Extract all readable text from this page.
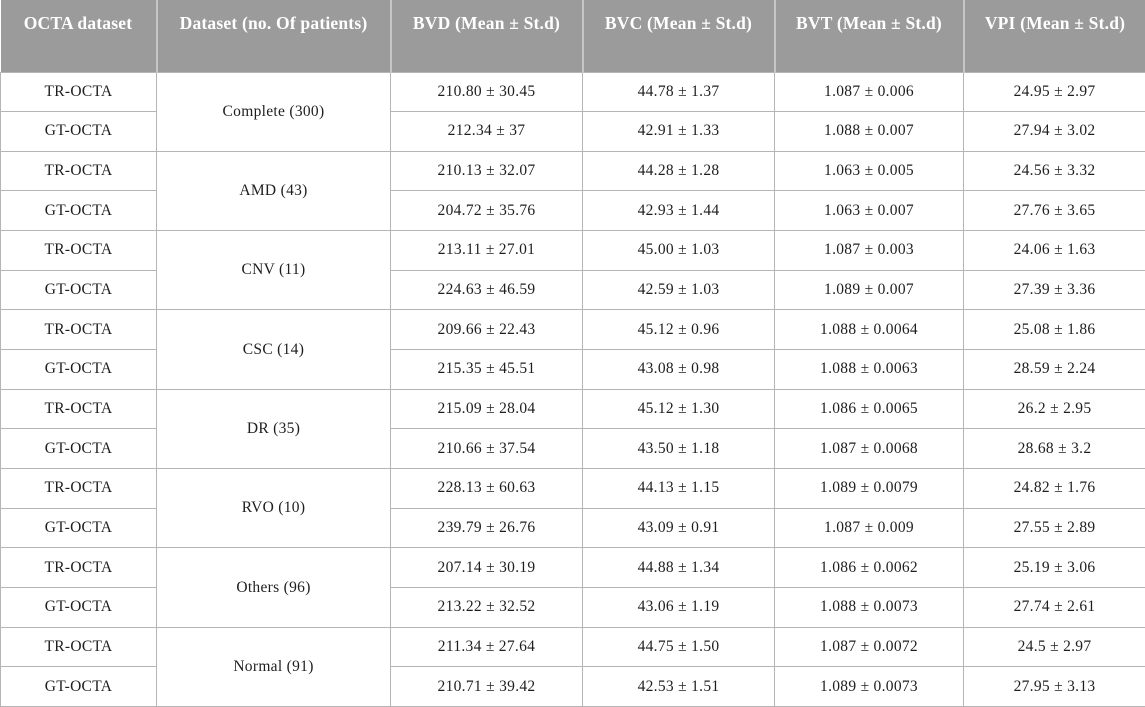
OCTA dataset	Dataset (no. Of patients)	BVD (Mean ± St.d)	BVC (Mean ± St.d)	BVT (Mean ± St.d)	VPI (Mean ± St.d)
TR-OCTA	Complete (300)	210.80 ± 30.45	44.78 ± 1.37	1.087 ± 0.006	24.95 ± 2.97
GT-OCTA		212.34 ± 37	42.91 ± 1.33	1.088 ± 0.007	27.94 ± 3.02
TR-OCTA	AMD (43)	210.13 ± 32.07	44.28 ± 1.28	1.063 ± 0.005	24.56 ± 3.32
GT-OCTA		204.72 ± 35.76	42.93 ± 1.44	1.063 ± 0.007	27.76 ± 3.65
TR-OCTA	CNV (11)	213.11 ± 27.01	45.00 ± 1.03	1.087 ± 0.003	24.06 ± 1.63
GT-OCTA		224.63 ± 46.59	42.59 ± 1.03	1.089 ± 0.007	27.39 ± 3.36
TR-OCTA	CSC (14)	209.66 ± 22.43	45.12 ± 0.96	1.088 ± 0.0064	25.08 ± 1.86
GT-OCTA		215.35 ± 45.51	43.08 ± 0.98	1.088 ± 0.0063	28.59 ± 2.24
TR-OCTA	DR (35)	215.09 ± 28.04	45.12 ± 1.30	1.086 ± 0.0065	26.2 ± 2.95
GT-OCTA		210.66 ± 37.54	43.50 ± 1.18	1.087 ± 0.0068	28.68 ± 3.2
TR-OCTA	RVO (10)	228.13 ± 60.63	44.13 ± 1.15	1.089 ± 0.0079	24.82 ± 1.76
GT-OCTA		239.79 ± 26.76	43.09 ± 0.91	1.087 ± 0.009	27.55 ± 2.89
TR-OCTA	Others (96)	207.14 ± 30.19	44.88 ± 1.34	1.086 ± 0.0062	25.19 ± 3.06
GT-OCTA		213.22 ± 32.52	43.06 ± 1.19	1.088 ± 0.0073	27.74 ± 2.61
TR-OCTA	Normal (91)	211.34 ± 27.64	44.75 ± 1.50	1.087 ± 0.0072	24.5 ± 2.97
GT-OCTA		210.71 ± 39.42	42.53 ± 1.51	1.089 ± 0.0073	27.95 ± 3.13
